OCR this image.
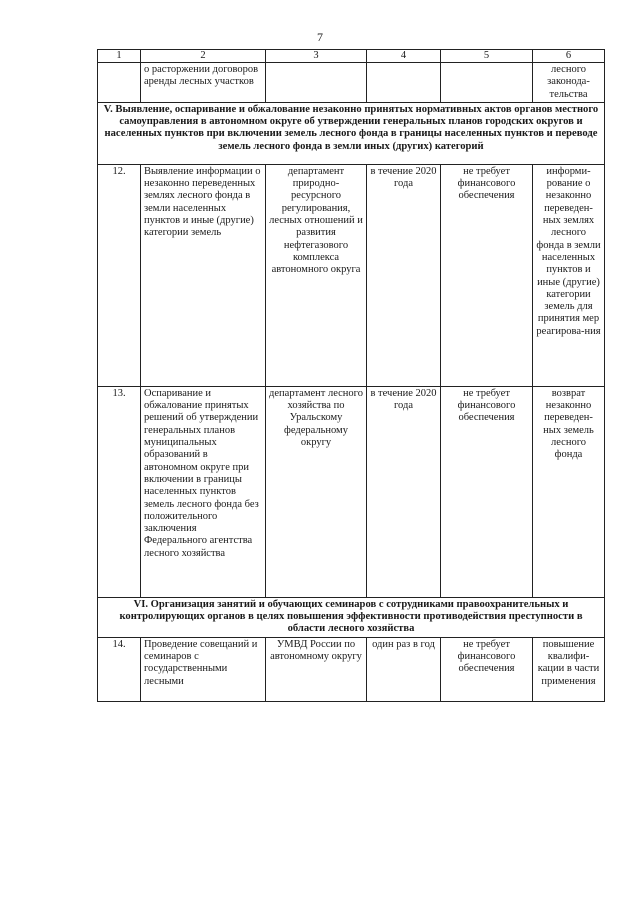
7
1	2	3	4	5	6
	о расторжении договоров аренды лесных участков				лесного законода-тельства
V. Выявление, оспаривание и обжалование незаконно принятых нормативных актов органов местного самоуправления в автономном округе об утверждении генеральных планов городских округов и населенных пунктов при включении земель лесного фонда в границы населенных пунктов и переводе земель лесного фонда в земли иных (других) категорий					
12.	Выявление информации о незаконно переведенных землях лесного фонда в земли населенных пунктов и иные (другие) категории земель	департамент природно-ресурсного регулирования, лесных отношений и развития нефтегазового комплекса автономного округа	в течение 2020 года	не требует финансового обеспечения	информи-рование о незаконно переведен-ных землях лесного фонда в земли населенных пунктов и иные (другие) категории земель для принятия мер реагирова-ния
13.	Оспаривание и обжалование принятых решений об утверждении генеральных планов муниципальных образований в автономном округе при включении в границы населенных пунктов земель лесного фонда без положительного заключения Федерального агентства лесного хозяйства	департамент лесного хозяйства по Уральскому федеральному округу	в течение 2020 года	не требует финансового обеспечения	возврат незаконно переведен-ных земель лесного фонда
VI. Организация занятий и обучающих семинаров с сотрудниками правоохранительных и контролирующих органов в целях повышения эффективности противодействия преступности в области лесного хозяйства					
14.	Проведение совещаний и семинаров с государственными лесными	УМВД России по автономному округу	один раз в год	не требует финансового обеспечения	повышение квалифи-кации в части применения
